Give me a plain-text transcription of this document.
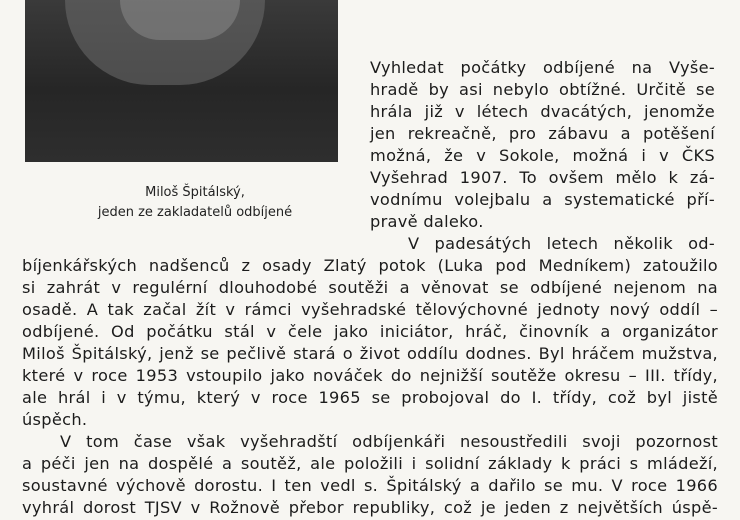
Miloš Špitálský,
jeden ze zakladatelů odbíjené
Vyhledat počátky odbíjené na Vyše-
hradě by asi nebylo obtížné. Určitě se
hrála již v létech dvacátých, jenomže
jen rekreačně, pro zábavu a potěšení
možná, že v Sokole, možná i v ČKS
Vyšehrad 1907. To ovšem mělo k zá-
vodnímu volejbalu a systematické pří-
pravě daleko.
V padesátých letech několik od-
bíjenkářských nadšenců z osady Zlatý potok (Luka pod Medníkem) zatoužilo
si zahrát v regulérní dlouhodobé soutěži a věnovat se odbíjené nejenom na
osadě. A tak začal žít v rámci vyšehradské tělovýchovné jednoty nový oddíl –
odbíjené. Od počátku stál v čele jako iniciátor, hráč, činovník a organizátor
Miloš Špitálský, jenž se pečlivě stará o život oddílu dodnes. Byl hráčem mužstva,
které v roce 1953 vstoupilo jako nováček do nejnižší soutěže okresu – III. třídy,
ale hrál i v týmu, který v roce 1965 se probojoval do I. třídy, což byl jistě
úspěch.
V tom čase však vyšehradští odbíjenkáři nesoustředili svoji pozornost
a péči jen na dospělé a soutěž, ale položili i solidní základy k práci s mládeží,
soustavné výchově dorostu. I ten vedl s. Špitálský a dařilo se mu. V roce 1966
vyhrál dorost TJSV v Rožnově přebor republiky, což je jeden z největších úspě-
